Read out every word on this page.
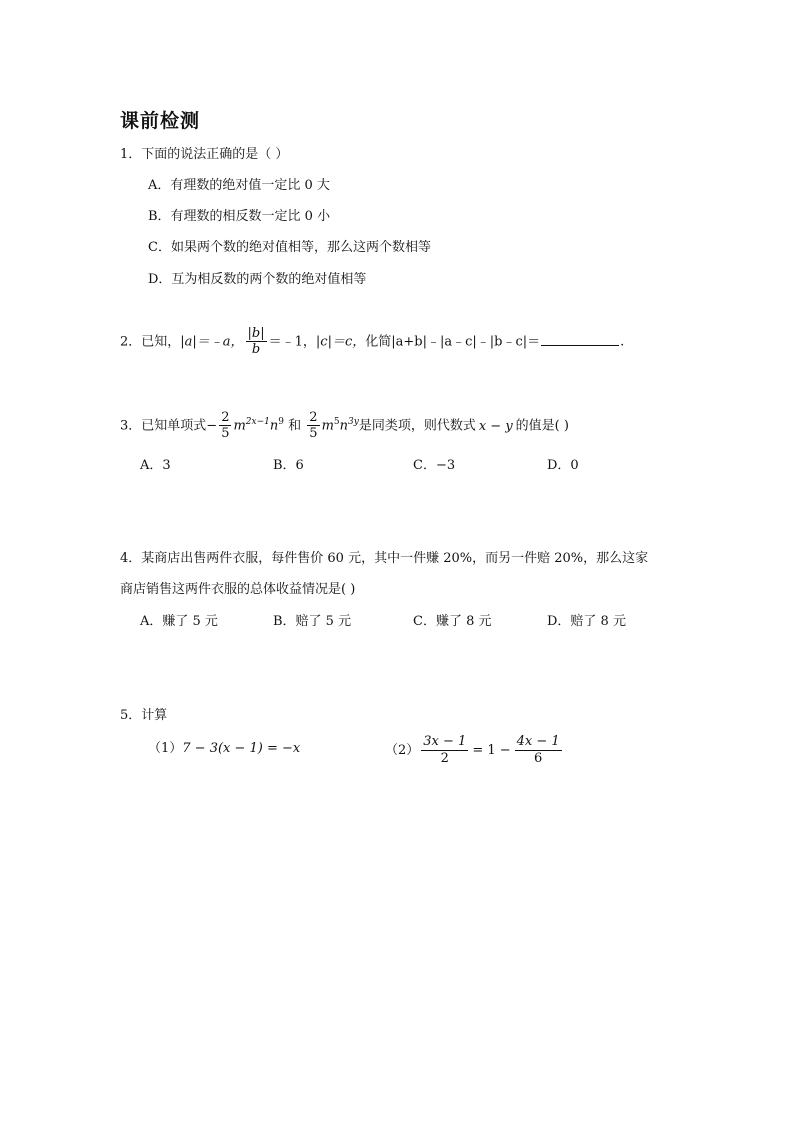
课前检测
1．下面的说法正确的是（ ）
A．有理数的绝对值一定比 0 大
B．有理数的相反数一定比 0 小
C．如果两个数的绝对值相等，那么这两个数相等
D．互为相反数的两个数的绝对值相等
2．已知，|a|＝﹣a， $\frac{|b|}{b}$ ＝﹣1，|c|＝c，化简|a+b|﹣|a﹣c|﹣|b﹣c|＝	.
3．已知单项式− $\frac{2}{5} m^{2x-1}n^9$ 和 $\frac{2}{5} m^5n^{3y}$是同类项，则代数式 x − y 的值是( )
A．3	B．6	C．−3	D．0
4．某商店出售两件衣服，每件售价 60 元，其中一件赚 20%，而另一件赔 20%，那么这家
商店销售这两件衣服的总体收益情况是( )
A．赚了 5 元	B．赔了 5 元	C．赚了 8 元	D．赔了 8 元
5．计算
（1）7 − 3(x − 1) = −x	$(2) \frac{3x - 1}{2} = 1 - \frac{4x - 1}{6}$
